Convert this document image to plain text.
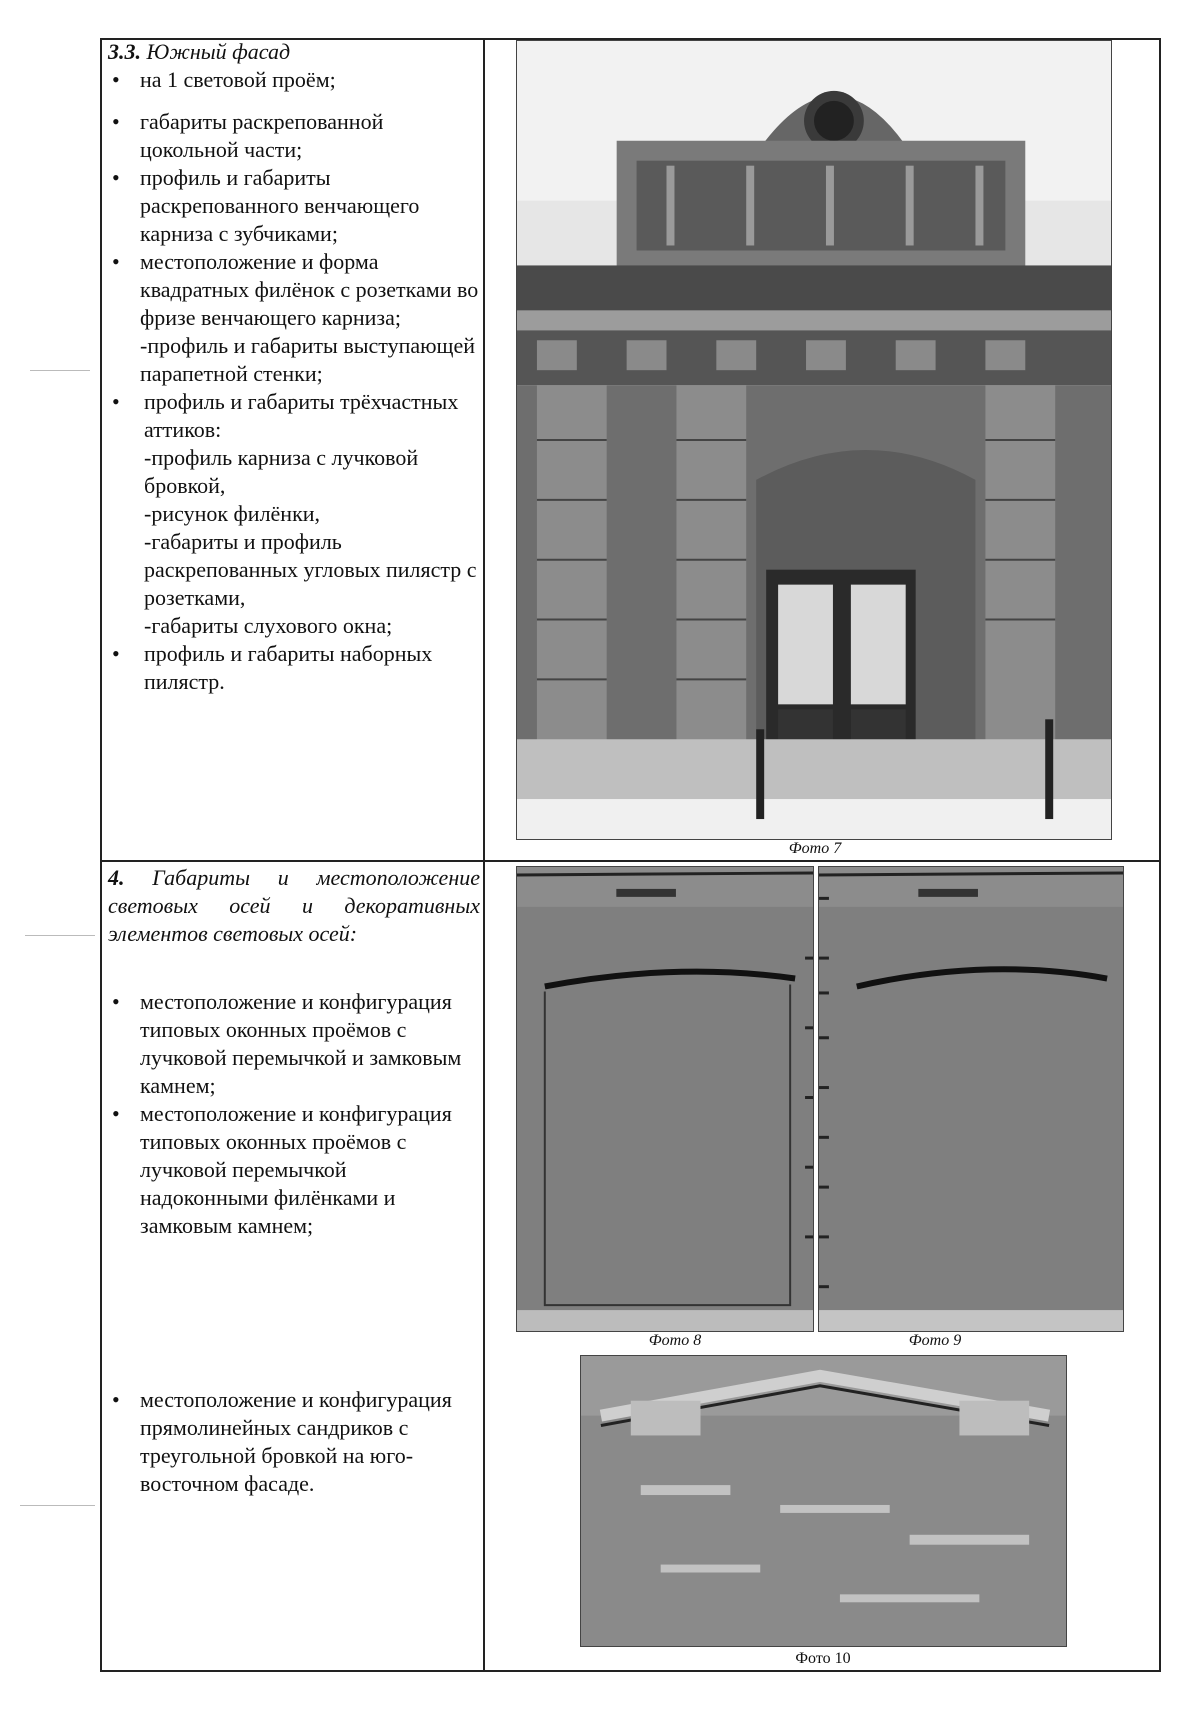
3.3. Южный фасад
• на 1 световой проём;
• габариты раскрепованной цокольной части;
• профиль и габариты раскрепованного венчающего карниза с зубчиками;
• местоположение и форма квадратных филёнок с розетками во фризе венчающего карниза;
-профиль и габариты выступающей парапетной стенки;
• профиль и габариты трёхчастных аттиков:
-профиль карниза с лучковой бровкой,
-рисунок филёнки,
-габариты и профиль раскрепованных угловых пилястр с розетками,
-габариты слухового окна;
• профиль и габариты наборных пилястр.
Фото 7
4. Габариты и местоположение световых осей и декоративных элементов световых осей:
• местоположение и конфигурация типовых оконных проёмов с лучковой перемычкой и замковым камнем;
• местоположение и конфигурация типовых оконных проёмов с лучковой перемычкой надоконными филёнками и замковым камнем;
• местоположение и конфигурация прямолинейных сандриков с треугольной бровкой на юго-восточном фасаде.
Фото 8	Фото 9
Фото 10
